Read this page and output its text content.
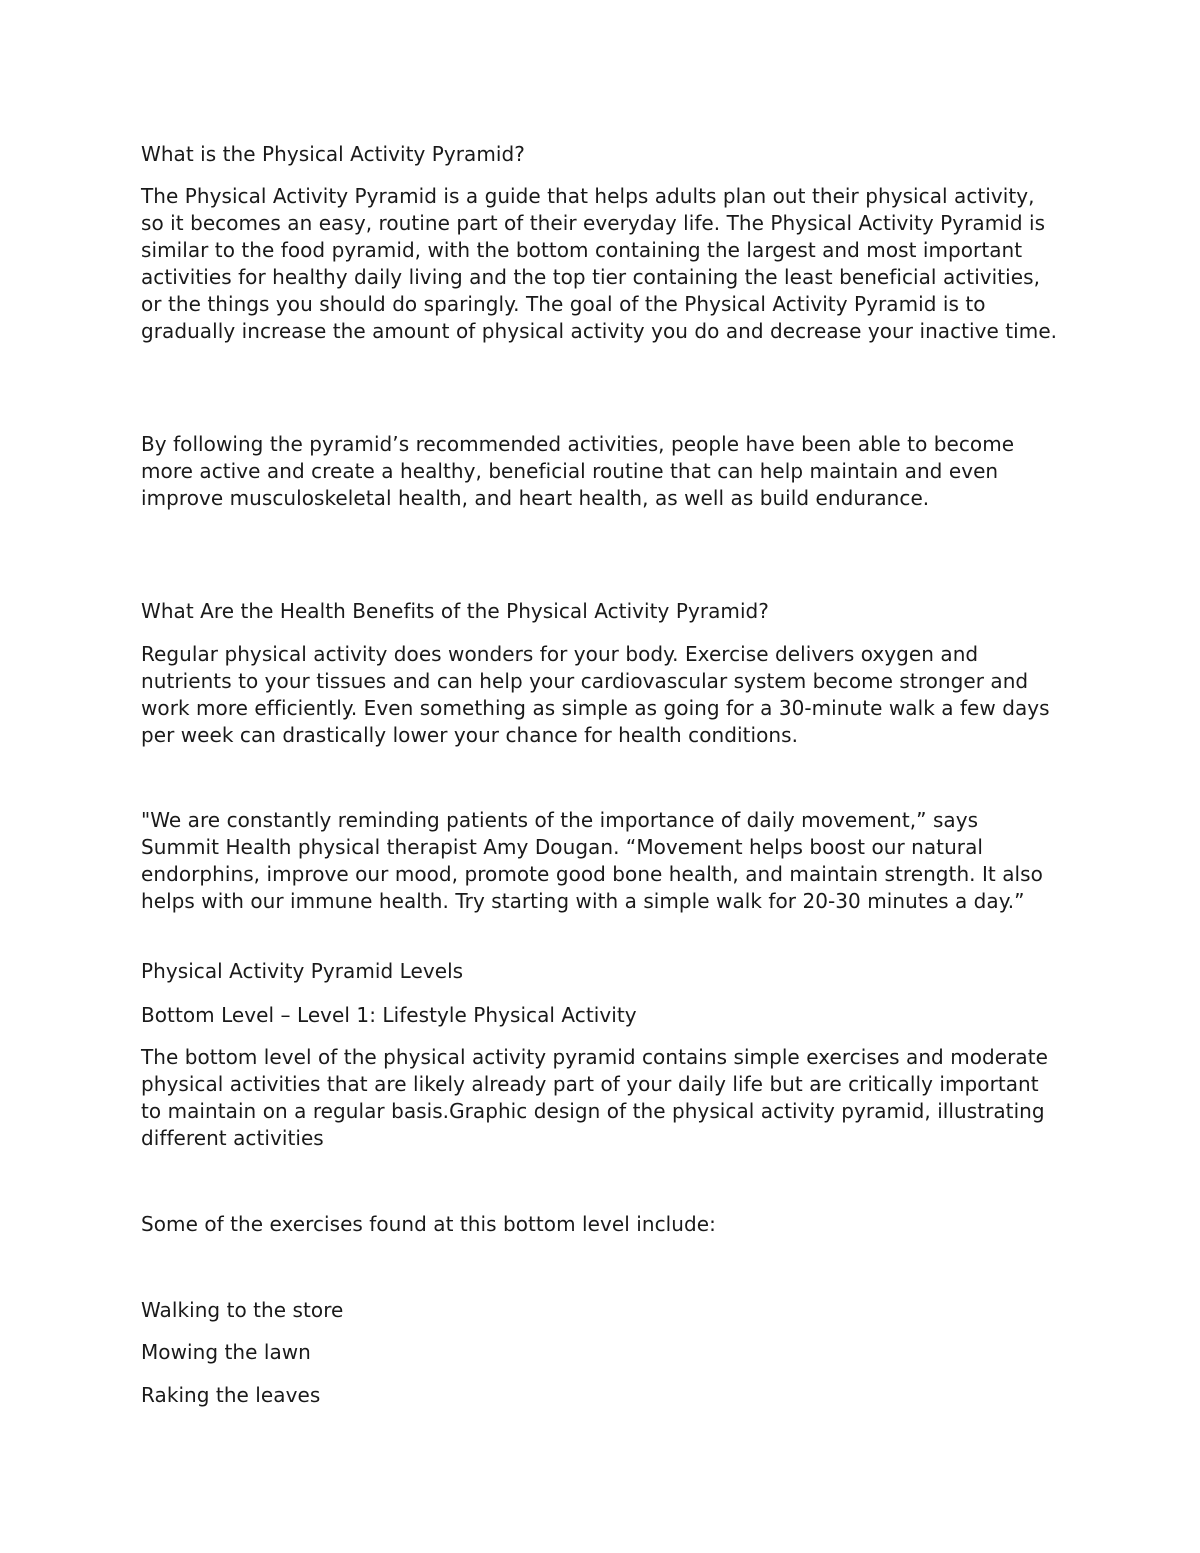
What is the Physical Activity Pyramid?

The Physical Activity Pyramid is a guide that helps adults plan out their physical activity, so it becomes an easy, routine part of their everyday life. The Physical Activity Pyramid is similar to the food pyramid, with the bottom containing the largest and most important activities for healthy daily living and the top tier containing the least beneficial activities, or the things you should do sparingly. The goal of the Physical Activity Pyramid is to gradually increase the amount of physical activity you do and decrease your inactive time.

By following the pyramid’s recommended activities, people have been able to become more active and create a healthy, beneficial routine that can help maintain and even improve musculoskeletal health, and heart health, as well as build endurance.

What Are the Health Benefits of the Physical Activity Pyramid?

Regular physical activity does wonders for your body. Exercise delivers oxygen and nutrients to your tissues and can help your cardiovascular system become stronger and work more efficiently. Even something as simple as going for a 30-minute walk a few days per week can drastically lower your chance for health conditions.

"We are constantly reminding patients of the importance of daily movement,” says Summit Health physical therapist Amy Dougan. “Movement helps boost our natural endorphins, improve our mood, promote good bone health, and maintain strength. It also helps with our immune health. Try starting with a simple walk for 20-30 minutes a day.”

Physical Activity Pyramid Levels

Bottom Level – Level 1: Lifestyle Physical Activity

The bottom level of the physical activity pyramid contains simple exercises and moderate physical activities that are likely already part of your daily life but are critically important to maintain on a regular basis.Graphic design of the physical activity pyramid, illustrating different activities

Some of the exercises found at this bottom level include:

Walking to the store

Mowing the lawn

Raking the leaves
